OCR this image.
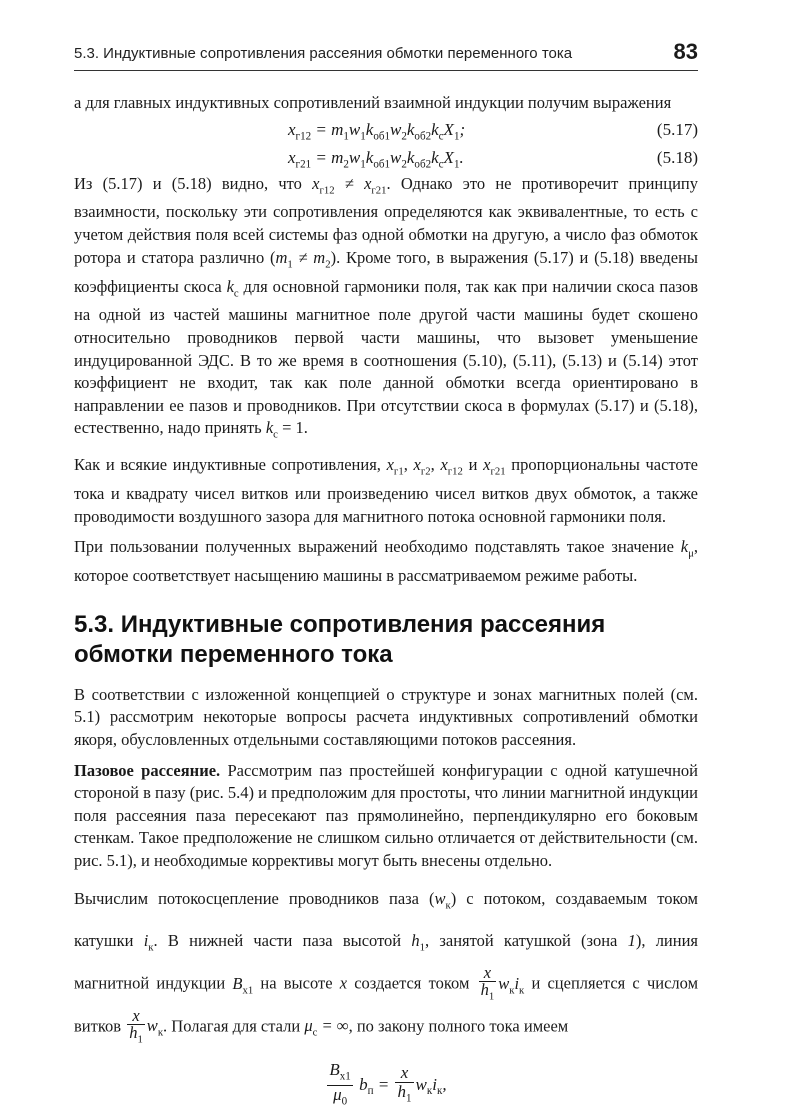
5.3. Индуктивные сопротивления рассеяния обмотки переменного тока	83

а для главных индуктивных сопротивлений взаимной индукции получим выражения

$x_{г12} = m_1w_1k_{об1}w_2k_{об2}k_сX_1$;	(5.17)
$x_{г21} = m_2w_1k_{об1}w_2k_{об2}k_сX_1$.	(5.18)

Из (5.17) и (5.18) видно, что $x_{г12} \ne x_{г21}$. Однако это не противоречит принципу взаимности, поскольку эти сопротивления определяются как эквивалентные, то есть с учетом действия поля всей системы фаз одной обмотки на другую, а число фаз обмоток ротора и статора различно $(m_1 \ne m_2)$. Кроме того, в выражения (5.17) и (5.18) введены коэффициенты скоса $k_с$ для основной гармоники поля, так как при наличии скоса пазов на одной из частей машины магнитное поле другой части машины будет скошено относительно проводников первой части машины, что вызовет уменьшение индуцированной ЭДС. В то же время в соотношения (5.10), (5.11), (5.13) и (5.14) этот коэффициент не входит, так как поле данной обмотки всегда ориентировано в направлении ее пазов и проводников. При отсутствии скоса в формулах (5.17) и (5.18), естественно, надо принять $k_с = 1$.

Как и всякие индуктивные сопротивления, $x_{г1}$, $x_{г2}$, $x_{г12}$ и $x_{г21}$ пропорциональны частоте тока и квадрату чисел витков или произведению чисел витков двух обмоток, а также проводимости воздушного зазора для магнитного потока основной гармоники поля.

При пользовании полученных выражений необходимо подставлять такое значение $k_\mu$, которое соответствует насыщению машины в рассматриваемом режиме работы.

5.3. Индуктивные сопротивления рассеяния обмотки переменного тока

В соответствии с изложенной концепцией о структуре и зонах магнитных полей (см. 5.1) рассмотрим некоторые вопросы расчета индуктивных сопротивлений обмотки якоря, обусловленных отдельными составляющими потоков рассеяния.

Пазовое рассеяние. Рассмотрим паз простейшей конфигурации с одной катушечной стороной в пазу (рис. 5.4) и предположим для простоты, что линии магнитной индукции поля рассеяния паза пересекают паз прямолинейно, перпендикулярно его боковым стенкам. Такое предположение не слишком сильно отличается от действительности (см. рис. 5.1), и необходимые коррективы могут быть внесены отдельно.

Вычислим потокосцепление проводников паза $(w_к)$ с потоком, создаваемым током катушки $i_к$. В нижней части паза высотой $h_1$, занятой катушкой (зона 1), линия магнитной индукции $B_{x1}$ на высоте x создается током $\frac{x}{h_1} w_кi_к$ и сцепляется с числом витков $\frac{x}{h_1} w_к$. Полагая для стали $\mu_с$ = ∞, по закону полного тока имеем

$\frac{B_{x1}}{\mu_0} b_п = \frac{x}{h_1} w_кi_к$,
